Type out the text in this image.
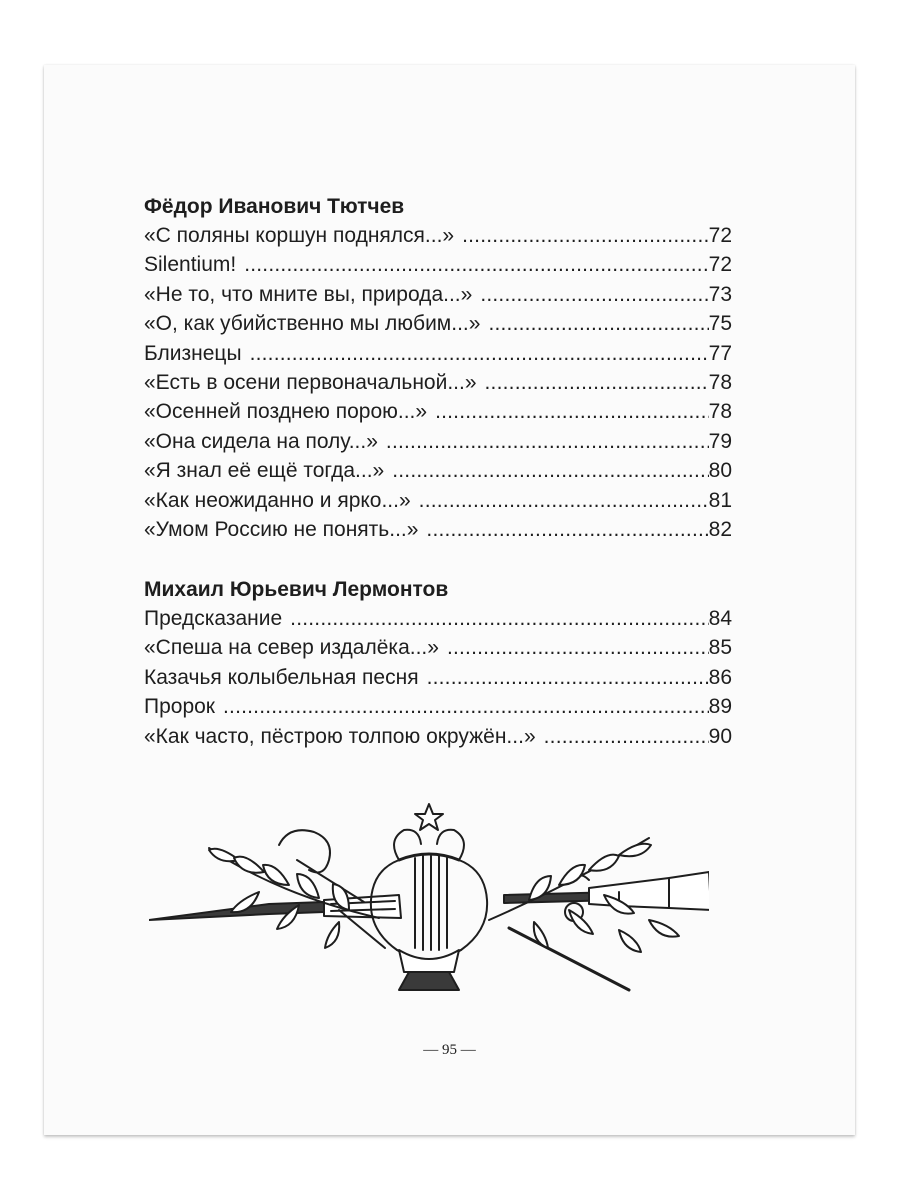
Фёдор Иванович Тютчев
«С поляны коршун поднялся...» .....	72
Silentium! .....	72
«Не то, что мните вы, природа...» .....	73
«О, как убийственно мы любим...» .....	75
Близнецы .....	77
«Есть в осени первоначальной...» .....	78
«Осенней позднею порою...» .....	78
«Она сидела на полу...» .....	79
«Я знал её ещё тогда...» .....	80
«Как неожиданно и ярко...» .....	81
«Умом Россию не понять...» .....	82
Михаил Юрьевич Лермонтов
Предсказание .....	84
«Спеша на север издалёка...» .....	85
Казачья колыбельная песня .....	86
Пророк .....	89
«Как часто, пёстрою толпою окружён...» .....	90
— 95 —
